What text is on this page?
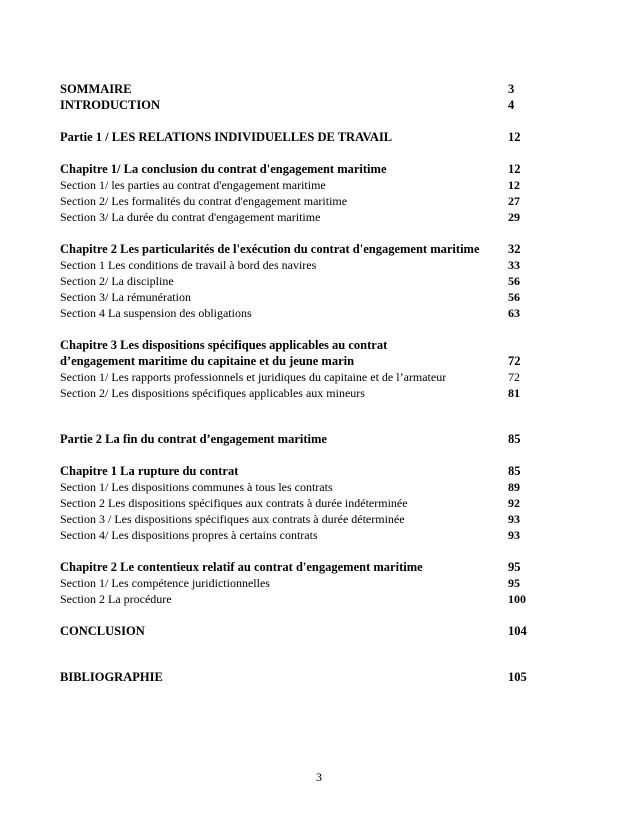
SOMMAIRE	3
INTRODUCTION	4
Partie 1 / LES RELATIONS INDIVIDUELLES DE TRAVAIL	12
Chapitre 1/ La conclusion du contrat d'engagement maritime	12
Section 1/ les parties au contrat d'engagement maritime	12
Section 2/ Les formalités du contrat d'engagement maritime	27
Section 3/ La durée du contrat d'engagement maritime	29
Chapitre 2 Les particularités de l'exécution du contrat d'engagement maritime 32
Section 1 Les conditions de travail à bord des navires	33
Section 2/ La discipline	56
Section 3/ La rémunération	56
Section 4 La suspension des obligations	63
Chapitre 3 Les dispositions spécifiques applicables au contrat
d’engagement maritime du capitaine et du jeune marin	72
Section 1/ Les rapports professionnels et juridiques du capitaine et de l’armateur	72
Section 2/ Les dispositions spécifiques applicables aux mineurs	81
Partie 2 La fin du contrat d’engagement maritime	85
Chapitre 1 La rupture du contrat	85
Section 1/ Les dispositions communes à tous les contrats	89
Section 2 Les dispositions spécifiques aux contrats à durée indéterminée	92
Section 3 / Les dispositions spécifiques aux contrats à durée déterminée	93
Section 4/ Les dispositions propres à certains contrats	93
Chapitre 2 Le contentieux relatif au contrat d'engagement maritime	95
Section 1/ Les compétence juridictionnelles	95
Section 2 La procédure	100
CONCLUSION	104
BIBLIOGRAPHIE	105
3
